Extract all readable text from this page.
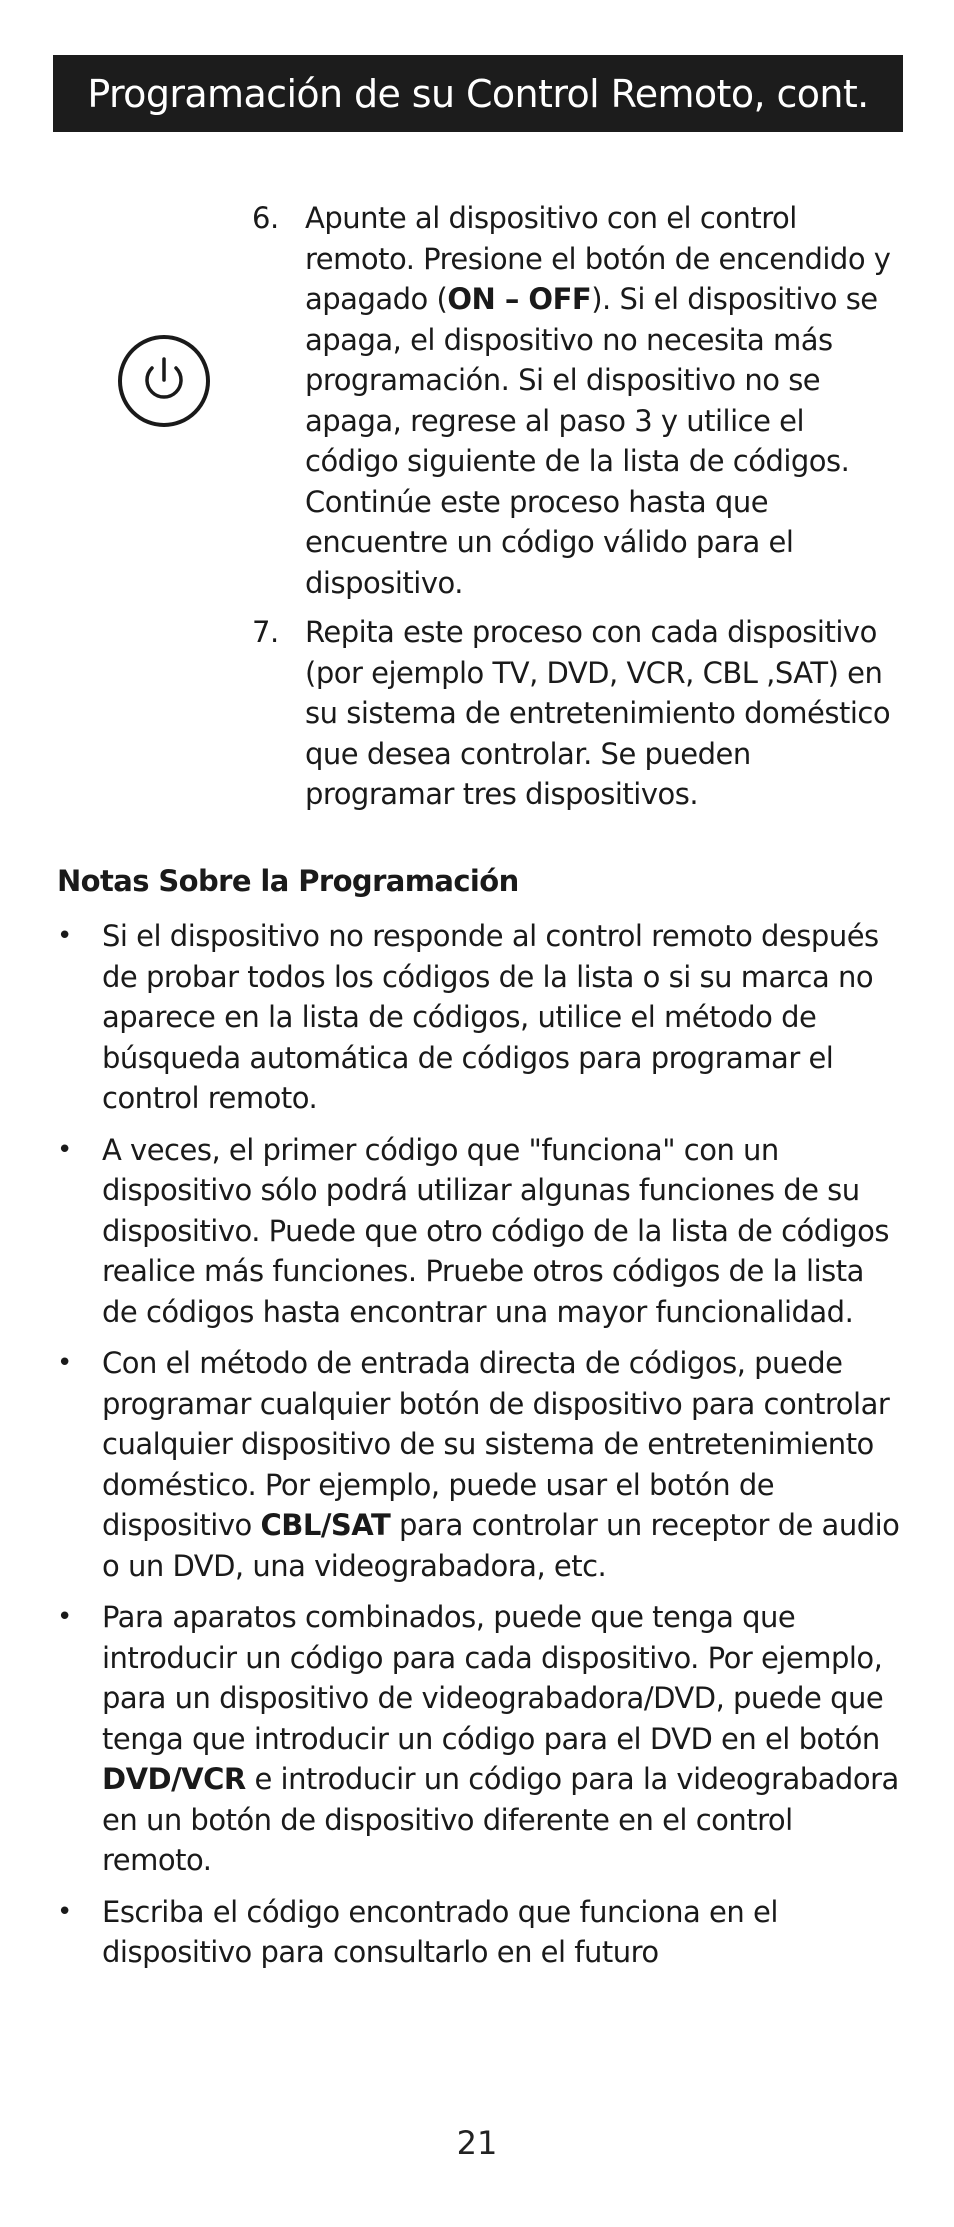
Programación de su Control Remoto, cont.
6. Apunte al dispositivo con el control remoto. Presione el botón de encendido y apagado (ON – OFF). Si el dispositivo se apaga, el dispositivo no necesita más programación. Si el dispositivo no se apaga, regrese al paso 3 y utilice el código siguiente de la lista de códigos. Continúe este proceso hasta que encuentre un código válido para el dispositivo.
7. Repita este proceso con cada dispositivo (por ejemplo TV, DVD, VCR, CBL ,SAT) en su sistema de entretenimiento doméstico que desea controlar. Se pueden programar tres dispositivos.
Notas Sobre la Programación
• Si el dispositivo no responde al control remoto después de probar todos los códigos de la lista o si su marca no aparece en la lista de códigos, utilice el método de búsqueda automática de códigos para programar el control remoto.
• A veces, el primer código que "funciona" con un dispositivo sólo podrá utilizar algunas funciones de su dispositivo. Puede que otro código de la lista de códigos realice más funciones. Pruebe otros códigos de la lista de códigos hasta encontrar una mayor funcionalidad.
• Con el método de entrada directa de códigos, puede programar cualquier botón de dispositivo para controlar cualquier dispositivo de su sistema de entretenimiento doméstico. Por ejemplo, puede usar el botón de dispositivo CBL/SAT para controlar un receptor de audio o un DVD, una videograbadora, etc.
• Para aparatos combinados, puede que tenga que introducir un código para cada dispositivo. Por ejemplo, para un dispositivo de videograbadora/DVD, puede que tenga que introducir un código para el DVD en el botón DVD/VCR e introducir un código para la videograbadora en un botón de dispositivo diferente en el control remoto.
• Escriba el código encontrado que funciona en el dispositivo para consultarlo en el futuro
21
